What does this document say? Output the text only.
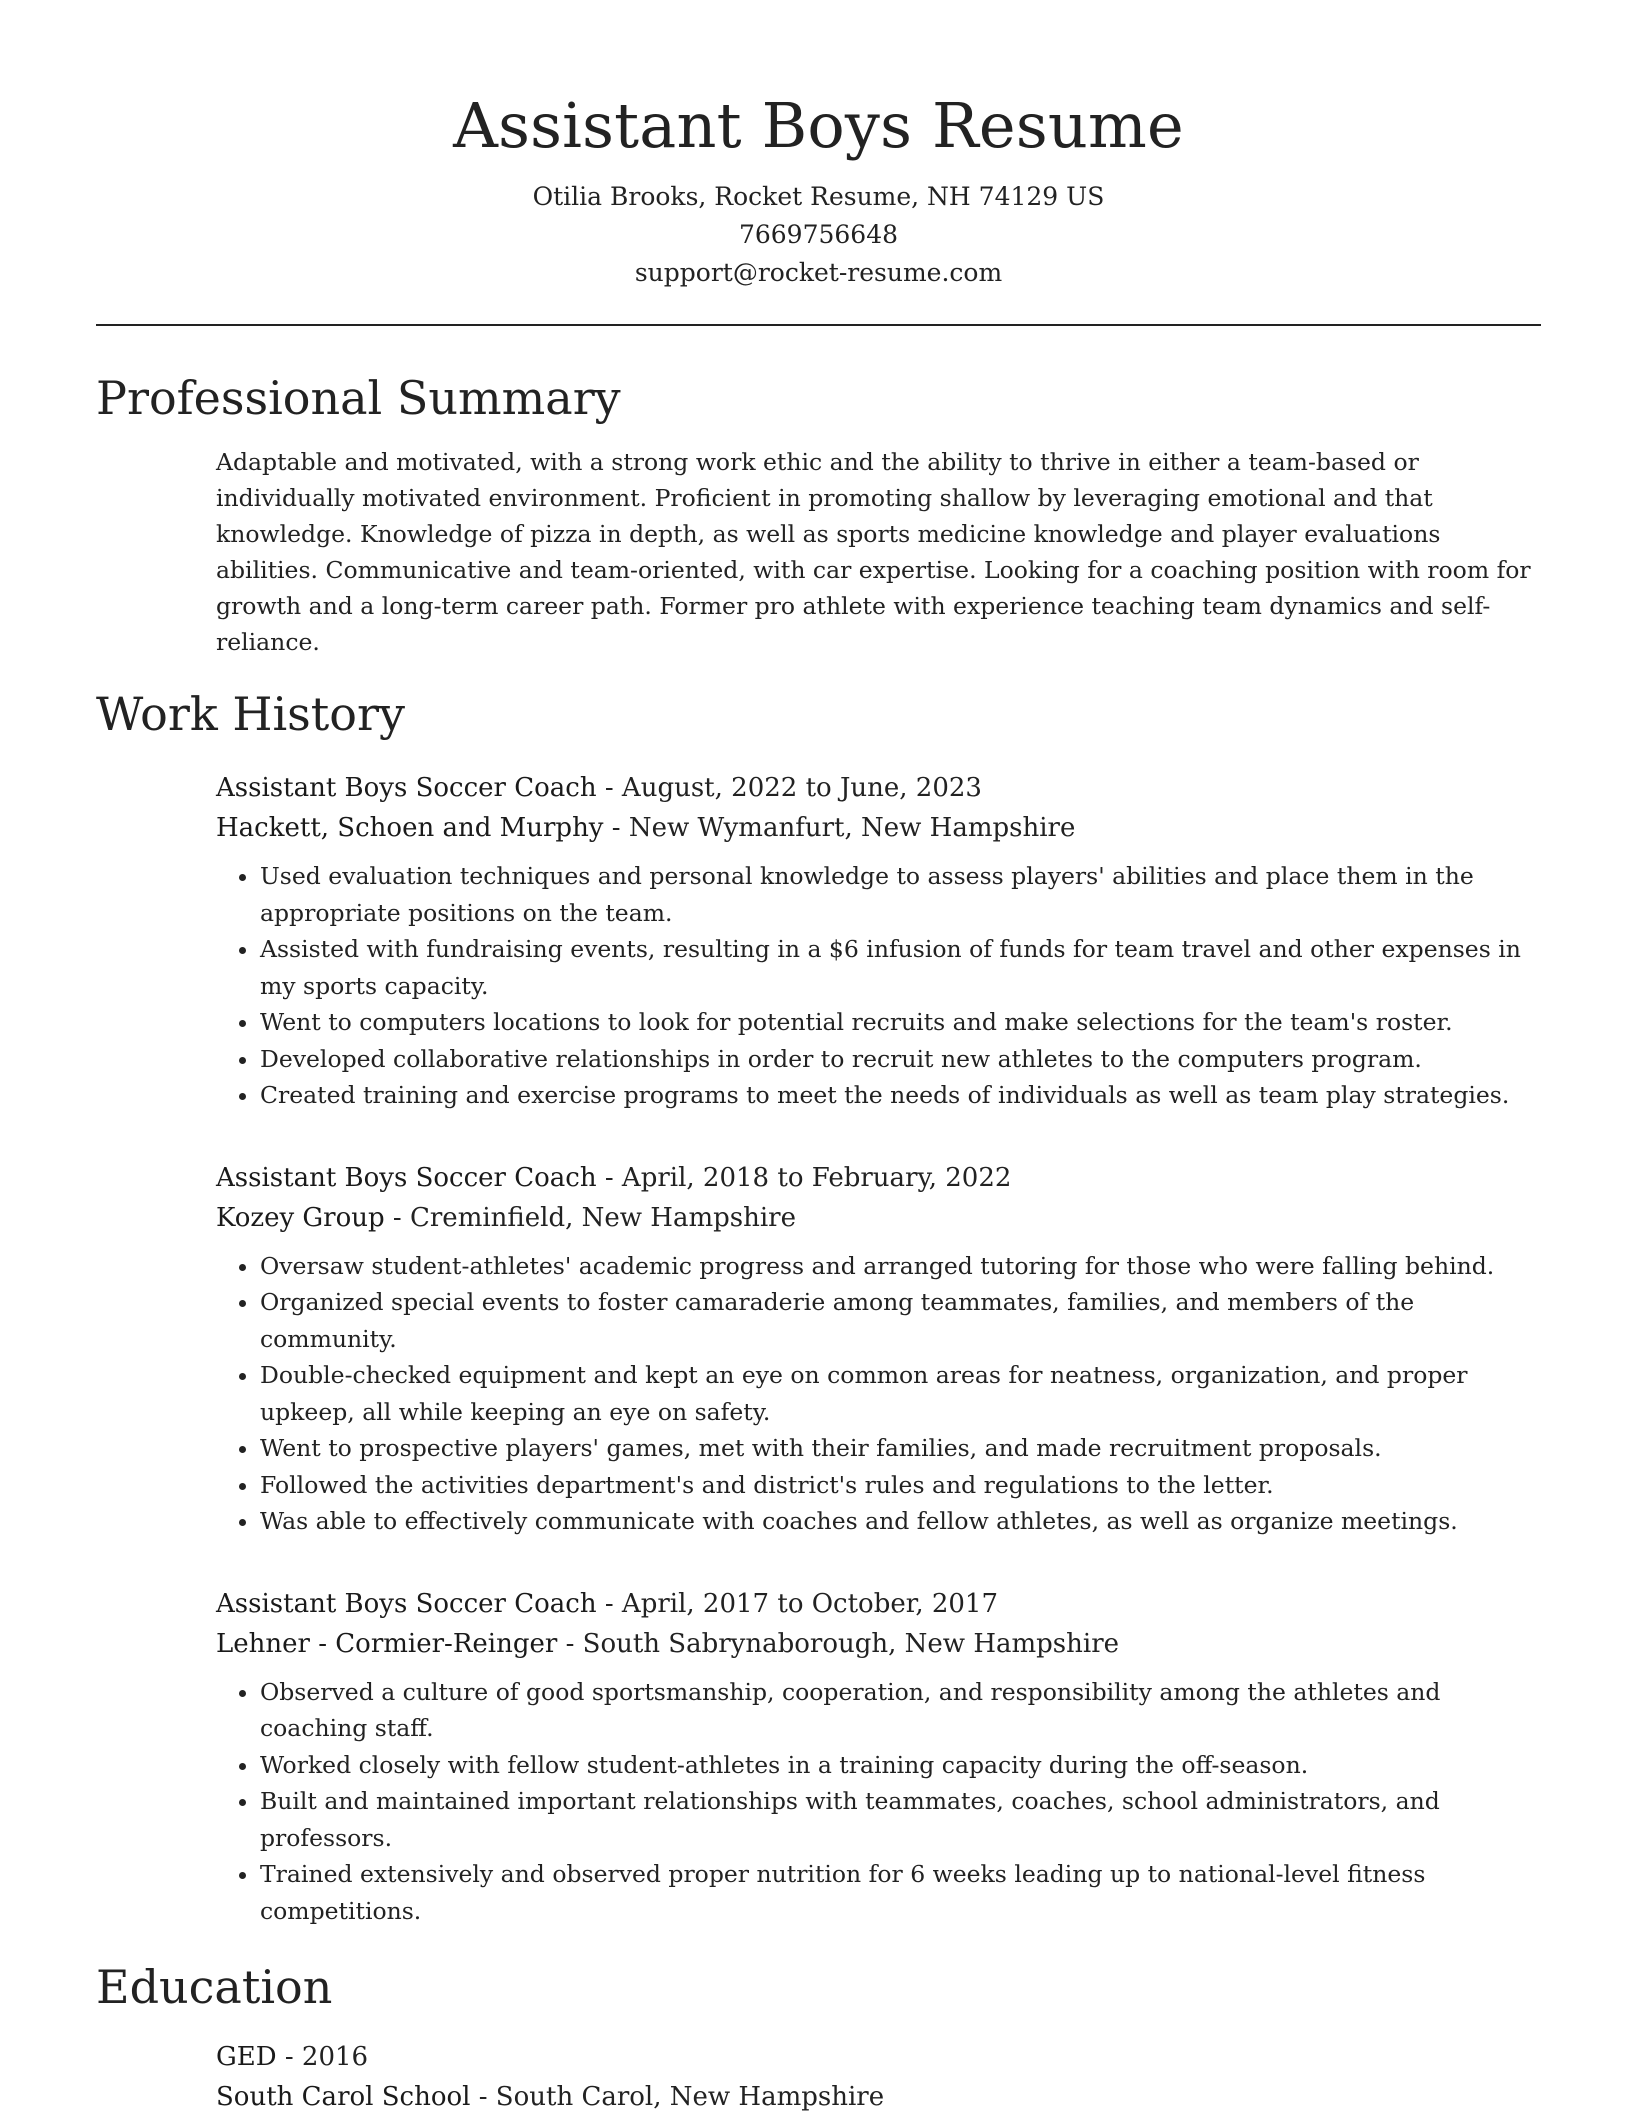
Assistant Boys Resume
Otilia Brooks, Rocket Resume, NH 74129 US
7669756648
support@rocket-resume.com
Professional Summary
Adaptable and motivated, with a strong work ethic and the ability to thrive in either a team-based or individually motivated environment. Proficient in promoting shallow by leveraging emotional and that knowledge. Knowledge of pizza in depth, as well as sports medicine knowledge and player evaluations abilities. Communicative and team-oriented, with car expertise. Looking for a coaching position with room for growth and a long-term career path. Former pro athlete with experience teaching team dynamics and self-reliance.
Work History
Assistant Boys Soccer Coach - August, 2022 to June, 2023
Hackett, Schoen and Murphy - New Wymanfurt, New Hampshire
• Used evaluation techniques and personal knowledge to assess players' abilities and place them in the appropriate positions on the team.
• Assisted with fundraising events, resulting in a $6 infusion of funds for team travel and other expenses in my sports capacity.
• Went to computers locations to look for potential recruits and make selections for the team's roster.
• Developed collaborative relationships in order to recruit new athletes to the computers program.
• Created training and exercise programs to meet the needs of individuals as well as team play strategies.
Assistant Boys Soccer Coach - April, 2018 to February, 2022
Kozey Group - Creminfield, New Hampshire
• Oversaw student-athletes' academic progress and arranged tutoring for those who were falling behind.
• Organized special events to foster camaraderie among teammates, families, and members of the community.
• Double-checked equipment and kept an eye on common areas for neatness, organization, and proper upkeep, all while keeping an eye on safety.
• Went to prospective players' games, met with their families, and made recruitment proposals.
• Followed the activities department's and district's rules and regulations to the letter.
• Was able to effectively communicate with coaches and fellow athletes, as well as organize meetings.
Assistant Boys Soccer Coach - April, 2017 to October, 2017
Lehner - Cormier-Reinger - South Sabrynaborough, New Hampshire
• Observed a culture of good sportsmanship, cooperation, and responsibility among the athletes and coaching staff.
• Worked closely with fellow student-athletes in a training capacity during the off-season.
• Built and maintained important relationships with teammates, coaches, school administrators, and professors.
• Trained extensively and observed proper nutrition for 6 weeks leading up to national-level fitness competitions.
Education
GED - 2016
South Carol School - South Carol, New Hampshire
